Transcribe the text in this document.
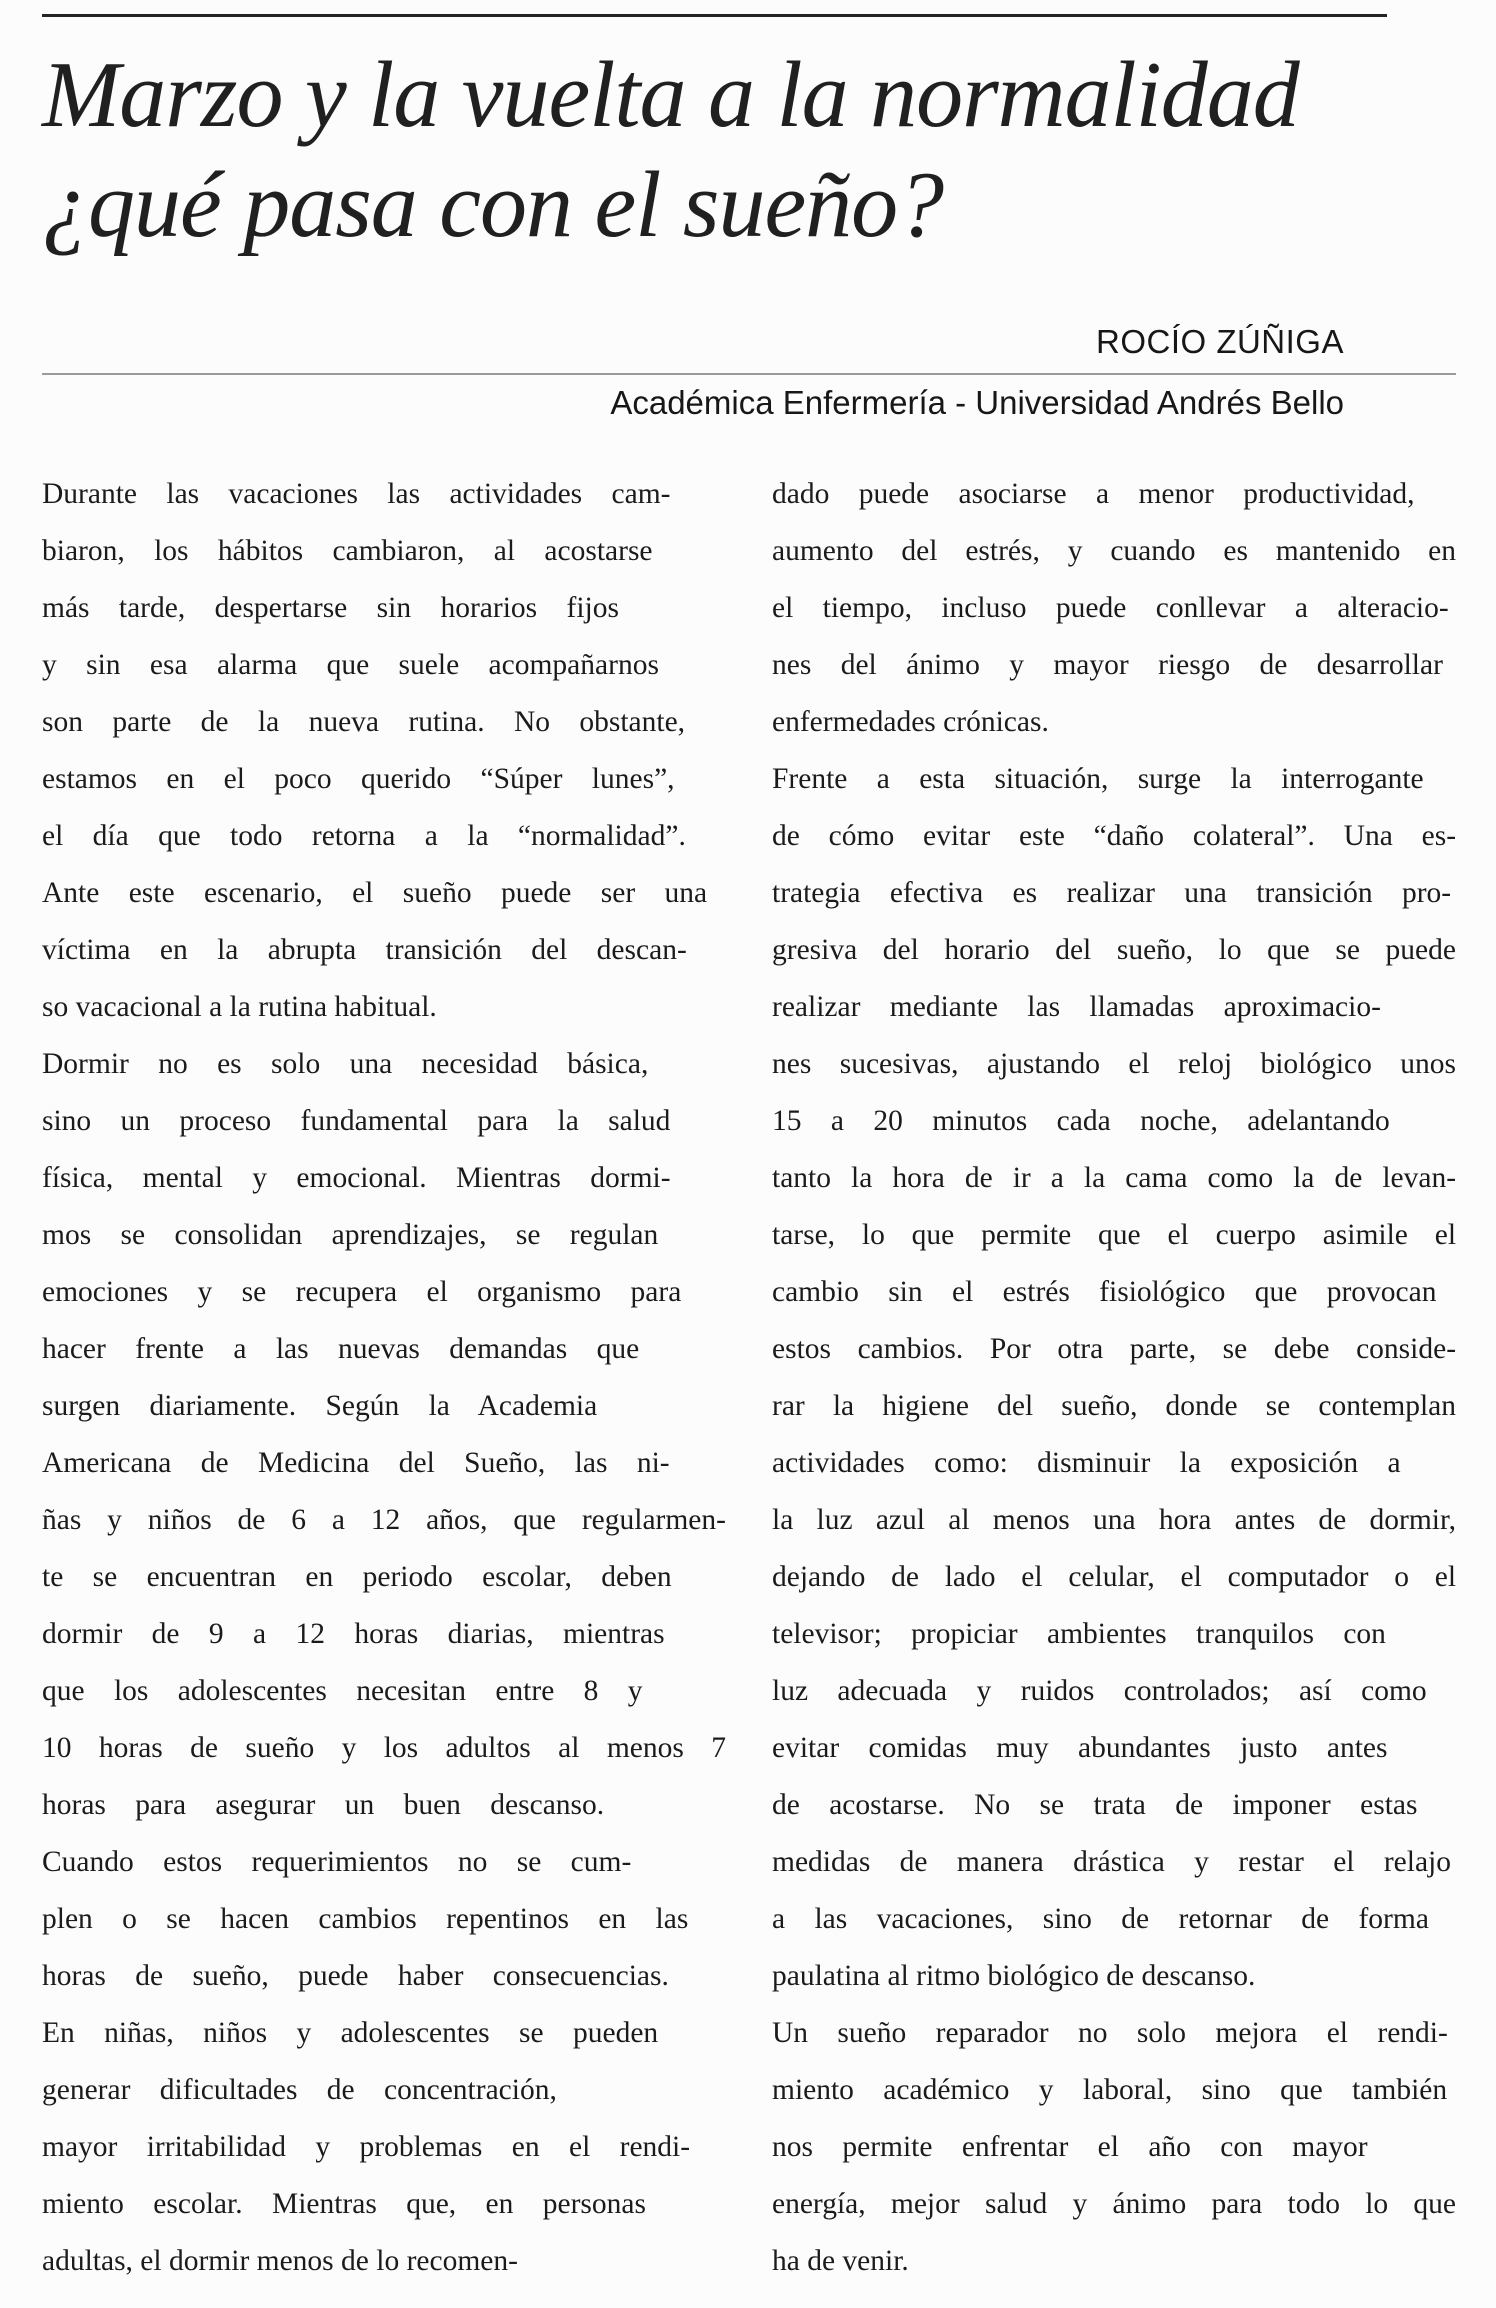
Marzo y la vuelta a la normalidad
¿qué pasa con el sueño?
ROCÍO ZÚÑIGA
Académica Enfermería - Universidad Andrés Bello
Durante las vacaciones las actividades cam-
biaron, los hábitos cambiaron, al acostarse
más tarde, despertarse sin horarios fijos
y sin esa alarma que suele acompañarnos
son parte de la nueva rutina. No obstante,
estamos en el poco querido “Súper lunes”,
el día que todo retorna a la “normalidad”.
Ante este escenario, el sueño puede ser una
víctima en la abrupta transición del descan-
so vacacional a la rutina habitual.
Dormir no es solo una necesidad básica,
sino un proceso fundamental para la salud
física, mental y emocional. Mientras dormi-
mos se consolidan aprendizajes, se regulan
emociones y se recupera el organismo para
hacer frente a las nuevas demandas que
surgen diariamente. Según la Academia
Americana de Medicina del Sueño, las ni-
ñas y niños de 6 a 12 años, que regularmen-
te se encuentran en periodo escolar, deben
dormir de 9 a 12 horas diarias, mientras
que los adolescentes necesitan entre 8 y
10 horas de sueño y los adultos al menos 7
horas para asegurar un buen descanso.
Cuando estos requerimientos no se cum-
plen o se hacen cambios repentinos en las
horas de sueño, puede haber consecuencias.
En niñas, niños y adolescentes se pueden
generar dificultades de concentración,
mayor irritabilidad y problemas en el rendi-
miento escolar. Mientras que, en personas
adultas, el dormir menos de lo recomen-
dado puede asociarse a menor productividad,
aumento del estrés, y cuando es mantenido en
el tiempo, incluso puede conllevar a alteracio-
nes del ánimo y mayor riesgo de desarrollar
enfermedades crónicas.
Frente a esta situación, surge la interrogante
de cómo evitar este “daño colateral”. Una es-
trategia efectiva es realizar una transición pro-
gresiva del horario del sueño, lo que se puede
realizar mediante las llamadas aproximacio-
nes sucesivas, ajustando el reloj biológico unos
15 a 20 minutos cada noche, adelantando
tanto la hora de ir a la cama como la de levan-
tarse, lo que permite que el cuerpo asimile el
cambio sin el estrés fisiológico que provocan
estos cambios. Por otra parte, se debe conside-
rar la higiene del sueño, donde se contemplan
actividades como: disminuir la exposición a
la luz azul al menos una hora antes de dormir,
dejando de lado el celular, el computador o el
televisor; propiciar ambientes tranquilos con
luz adecuada y ruidos controlados; así como
evitar comidas muy abundantes justo antes
de acostarse. No se trata de imponer estas
medidas de manera drástica y restar el relajo
a las vacaciones, sino de retornar de forma
paulatina al ritmo biológico de descanso.
Un sueño reparador no solo mejora el rendi-
miento académico y laboral, sino que también
nos permite enfrentar el año con mayor
energía, mejor salud y ánimo para todo lo que
ha de venir.
